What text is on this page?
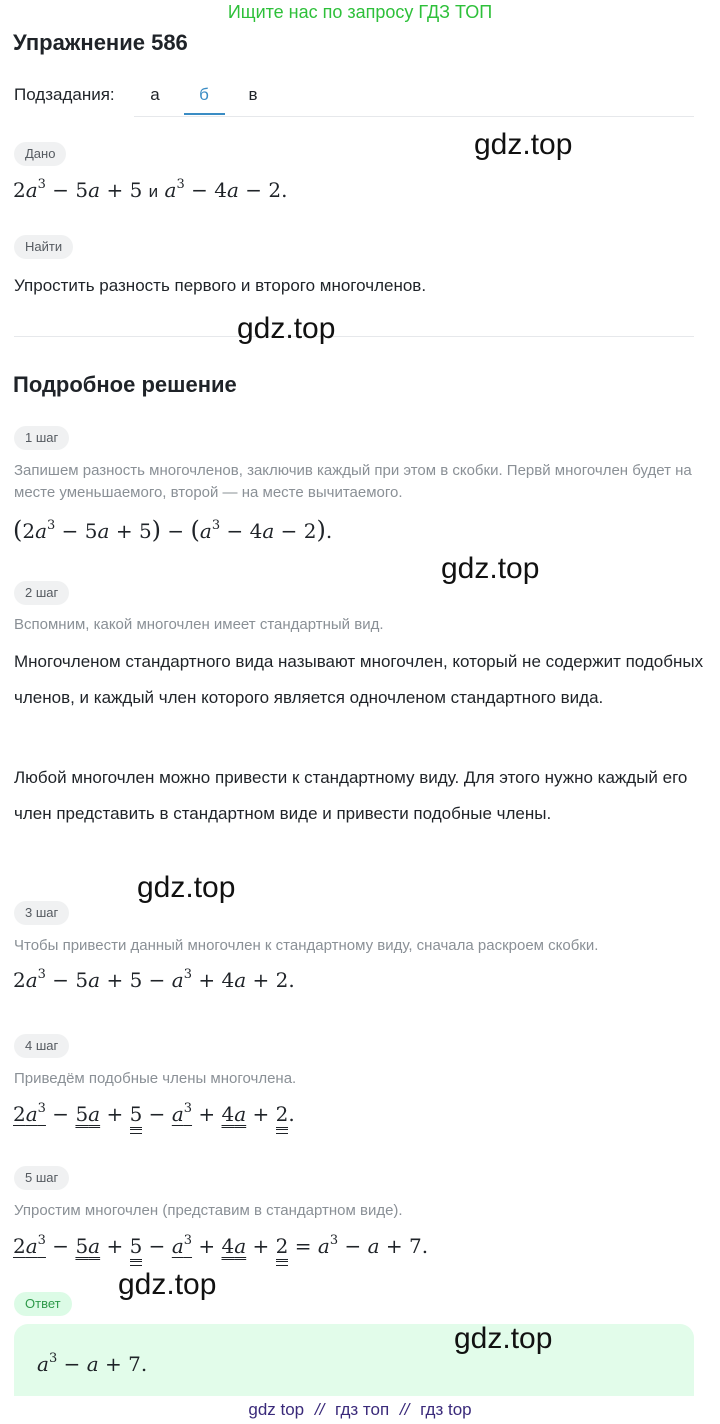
Ищите нас по запросу ГДЗ ТОП
Упражнение 586
Подзадания:	а	б	в
Дано
$2a^3 - 5a + 5$ и $a^3 - 4a - 2$.
Найти
Упростить разность первого и второго многочленов.
Подробное решение
1 шаг
Запишем разность многочленов, заключив каждый при этом в скобки. Первй многочлен будет на месте уменьшаемого, второй — на месте вычитаемого.
$(2a^3 - 5a + 5) - (a^3 - 4a - 2)$.
2 шаг
Вспомним, какой многочлен имеет стандартный вид.
Многочленом стандартного вида называют многочлен, который не содержит подобных членов, и каждый член которого является одночленом стандартного вида.
Любой многочлен можно привести к стандартному виду. Для этого нужно каждый его член представить в стандартном виде и привести подобные члены.
3 шаг
Чтобы привести данный многочлен к стандартному виду, сначала раскроем скобки.
$2a^3 - 5a + 5 - a^3 + 4a + 2$.
4 шаг
Приведём подобные члены многочлена.
$2a^3 - 5a + 5 - a^3 + 4a + 2$.
5 шаг
Упростим многочлен (представим в стандартном виде).
$2a^3 - 5a + 5 - a^3 + 4a + 2 = a^3 - a + 7$.
Ответ
$a^3 - a + 7$.
gdz.top
gdz.top
gdz.top
gdz.top
gdz.top
gdz.top
gdz top // гдз топ // гдз top
